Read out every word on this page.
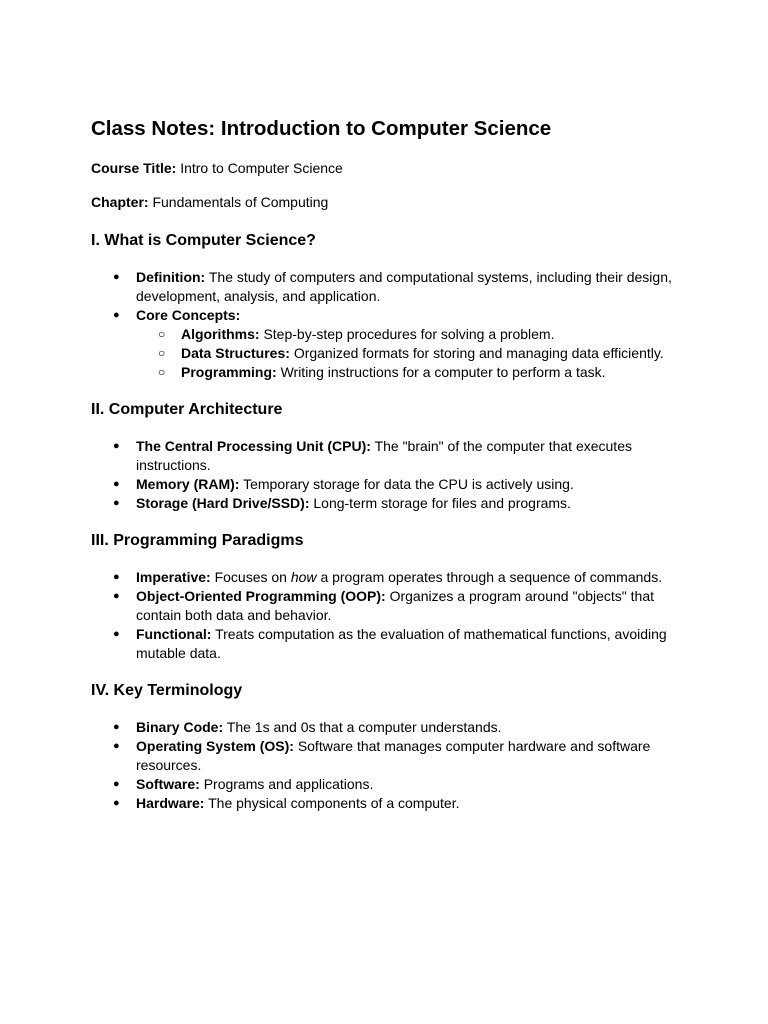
Class Notes: Introduction to Computer Science

Course Title: Intro to Computer Science

Chapter: Fundamentals of Computing

I. What is Computer Science?
● Definition: The study of computers and computational systems, including their design, development, analysis, and application.
● Core Concepts:
○ Algorithms: Step-by-step procedures for solving a problem.
○ Data Structures: Organized formats for storing and managing data efficiently.
○ Programming: Writing instructions for a computer to perform a task.
II. Computer Architecture
● The Central Processing Unit (CPU): The "brain" of the computer that executes instructions.
● Memory (RAM): Temporary storage for data the CPU is actively using.
● Storage (Hard Drive/SSD): Long-term storage for files and programs.
III. Programming Paradigms
● Imperative: Focuses on how a program operates through a sequence of commands.
● Object-Oriented Programming (OOP): Organizes a program around "objects" that contain both data and behavior.
● Functional: Treats computation as the evaluation of mathematical functions, avoiding mutable data.
IV. Key Terminology
● Binary Code: The 1s and 0s that a computer understands.
● Operating System (OS): Software that manages computer hardware and software resources.
● Software: Programs and applications.
● Hardware: The physical components of a computer.
